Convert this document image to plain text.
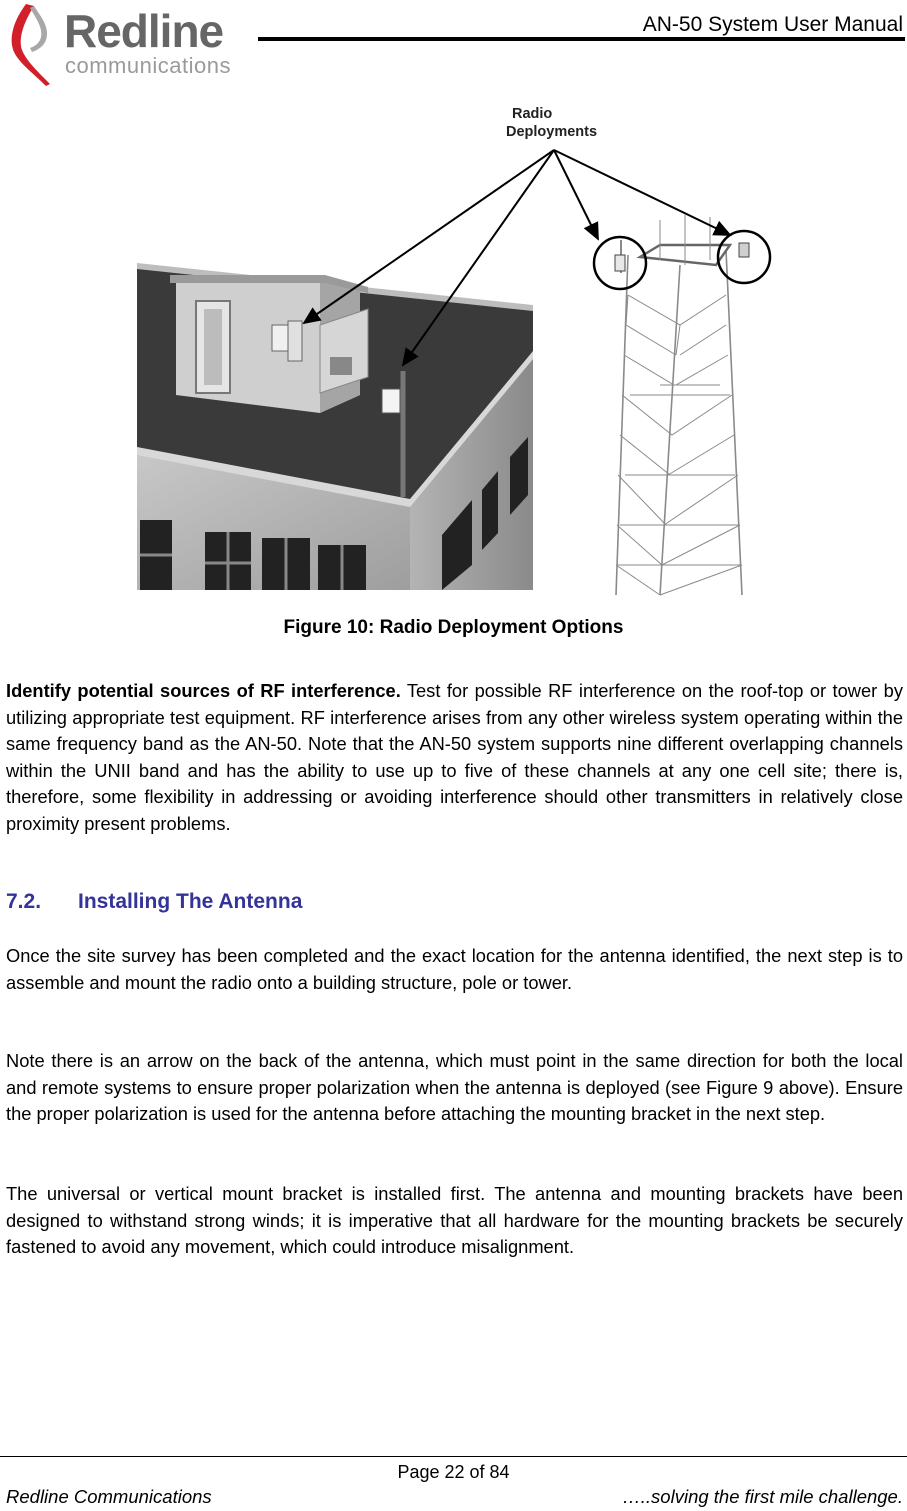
Redline
communications
AN-50 System User Manual
Radio
Deployments
Figure 10: Radio Deployment Options

Identify potential sources of RF interference. Test for possible RF interference on the roof-top or tower by utilizing appropriate test equipment. RF interference arises from any other wireless system operating within the same frequency band as the AN-50. Note that the AN-50 system supports nine different overlapping channels within the UNII band and has the ability to use up to five of these channels at any one cell site; there is, therefore, some flexibility in addressing or avoiding interference should other transmitters in relatively close proximity present problems.

7.2. Installing The Antenna

Once the site survey has been completed and the exact location for the antenna identified, the next step is to assemble and mount the radio onto a building structure, pole or tower.

Note there is an arrow on the back of the antenna, which must point in the same direction for both the local and remote systems to ensure proper polarization when the antenna is deployed (see Figure 9 above). Ensure the proper polarization is used for the antenna before attaching the mounting bracket in the next step.

The universal or vertical mount bracket is installed first. The antenna and mounting brackets have been designed to withstand strong winds; it is imperative that all hardware for the mounting brackets be securely fastened to avoid any movement, which could introduce misalignment.

Page 22 of 84
Redline Communications	…..solving the first mile challenge.
